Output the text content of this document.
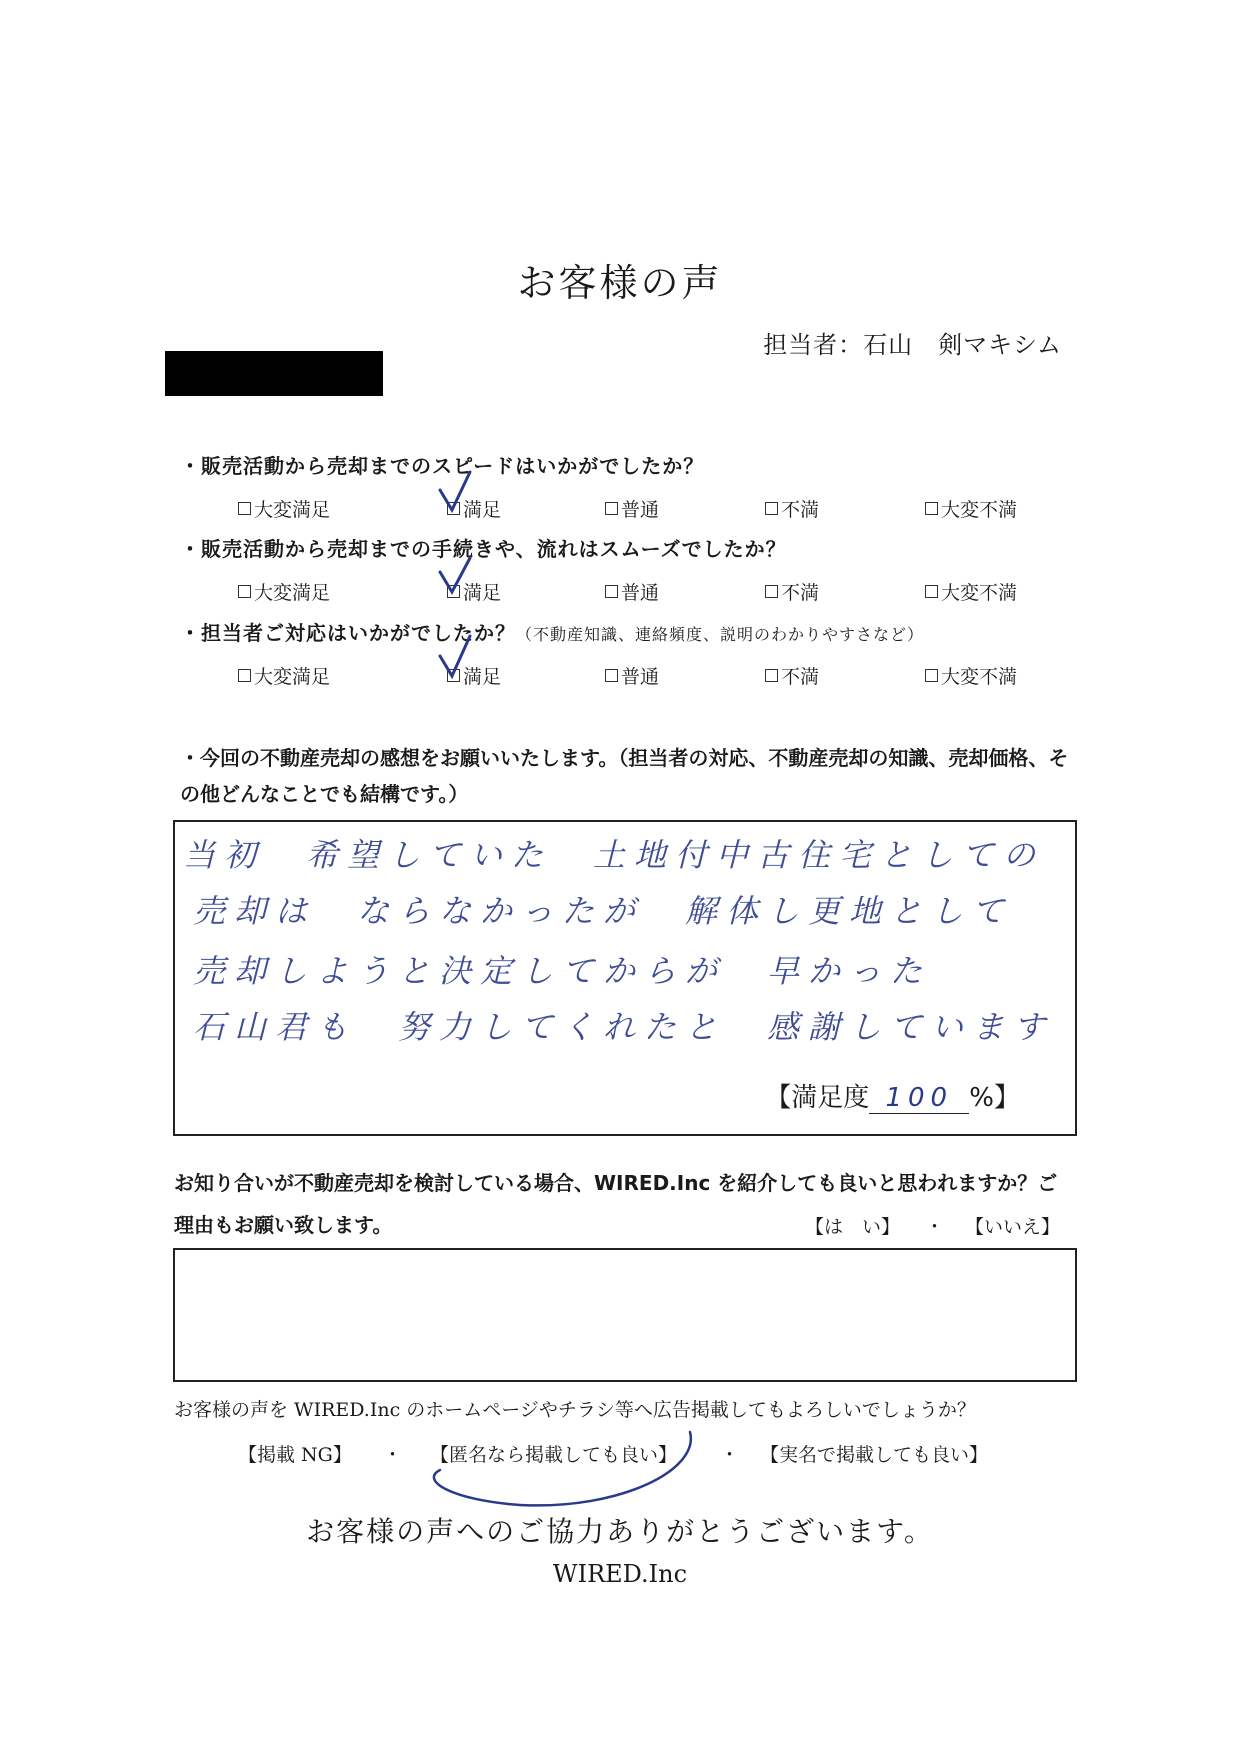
お客様の声
担当者：石山　剣マキシム
・販売活動から売却までのスピードはいかがでしたか？
大変満足	満足	普通	不満	大変不満
・販売活動から売却までの手続きや、流れはスムーズでしたか？
大変満足	満足	普通	不満	大変不満
・担当者ご対応はいかがでしたか？（不動産知識、連絡頻度、説明のわかりやすさなど）
大変満足	満足	普通	不満	大変不満
・今回の不動産売却の感想をお願いいたします。（担当者の対応、不動産売却の知識、売却価格、その他どんなことでも結構です。）
当初　希望していた　土地付中古住宅としての
売却は　ならなかったが　解体し更地として
売却しようと決定してからが　早かった
石山君も　努力してくれたと　感謝しています
【満足度 100 %】
お知り合いが不動産売却を検討している場合、WIRED.Inc を紹介しても良いと思われますか？ご理由もお願い致します。	【は　い】 ・ 【いいえ】
お客様の声を WIRED.Inc のホームページやチラシ等へ広告掲載してもよろしいでしょうか？
【掲載 NG】 ・ 【匿名なら掲載しても良い】 ・ 【実名で掲載しても良い】
お客様の声へのご協力ありがとうございます。
WIRED.Inc
